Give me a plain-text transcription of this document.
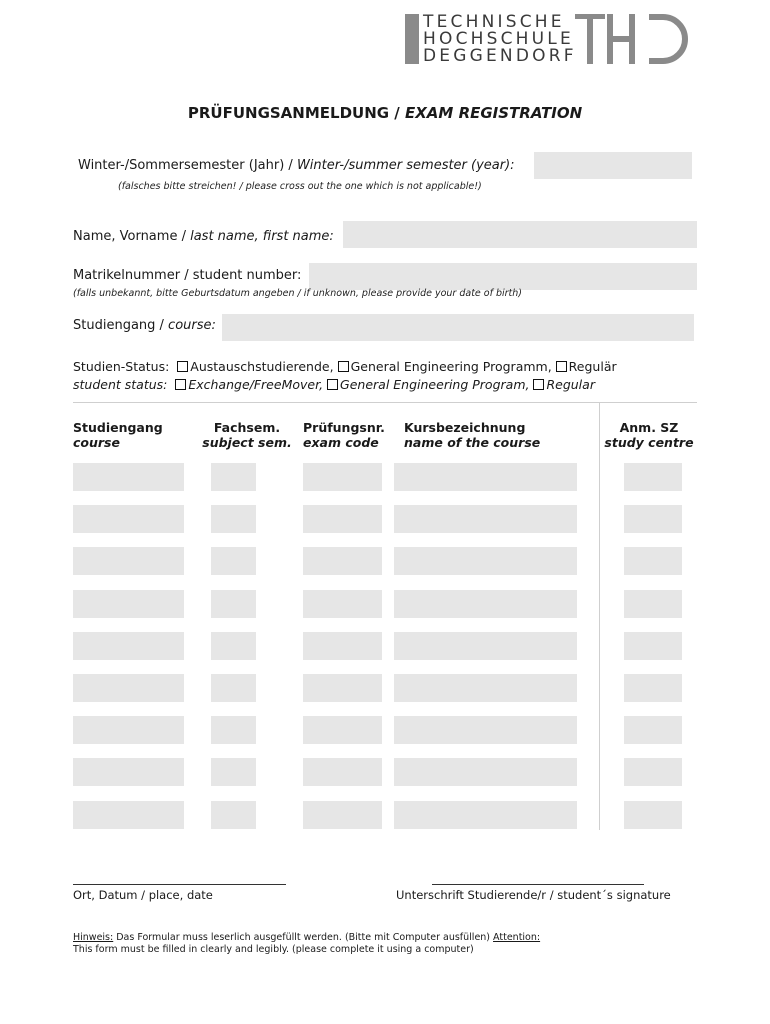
TECHNISCHE
HOCHSCHULE
DEGGENDORF
PRÜFUNGSANMELDUNG / EXAM REGISTRATION
Winter-/Sommersemester (Jahr) / Winter-/summer semester (year):
(falsches bitte streichen! / please cross out the one which is not applicable!)
Name, Vorname / last name, first name:
Matrikelnummer / student number:
(falls unbekannt, bitte Geburtsdatum angeben / if unknown, please provide your date of birth)
Studiengang / course:
Studien-Status: Austauschstudierende, General Engineering Programm, Regulär
student status: Exchange/FreeMover, General Engineering Program, Regular
Studiengang
course
Fachsem.
subject sem.
Prüfungsnr.
exam code
Kursbezeichnung
name of the course
Anm. SZ
study centre
Ort, Datum / place, date	Unterschrift Studierende/r / student´s signature
Hinweis: Das Formular muss leserlich ausgefüllt werden. (Bitte mit Computer ausfüllen) Attention:
This form must be filled in clearly and legibly. (please complete it using a computer)
